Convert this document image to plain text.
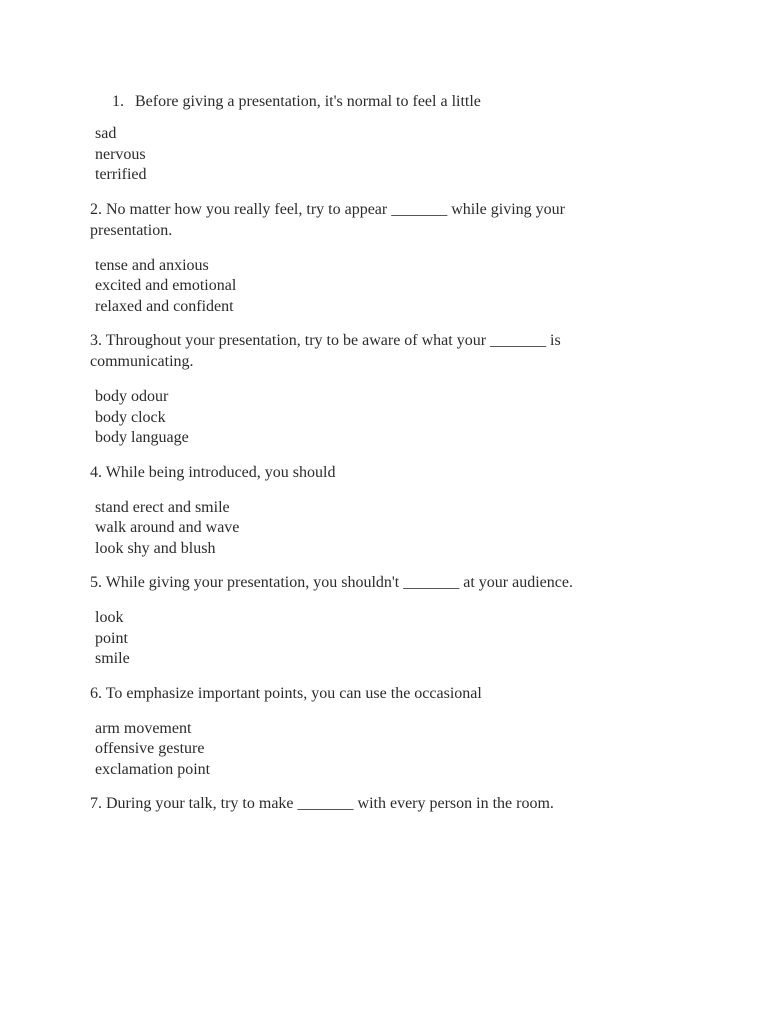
1. Before giving a presentation, it's normal to feel a little
sad
nervous
terrified

2. No matter how you really feel, try to appear _______ while giving your presentation.

tense and anxious
excited and emotional
relaxed and confident

3. Throughout your presentation, try to be aware of what your _______ is communicating.

body odour
body clock
body language

4. While being introduced, you should

stand erect and smile
walk around and wave
look shy and blush

5. While giving your presentation, you shouldn't _______ at your audience.

look
point
smile

6. To emphasize important points, you can use the occasional

arm movement
offensive gesture
exclamation point

7. During your talk, try to make _______ with every person in the room.
